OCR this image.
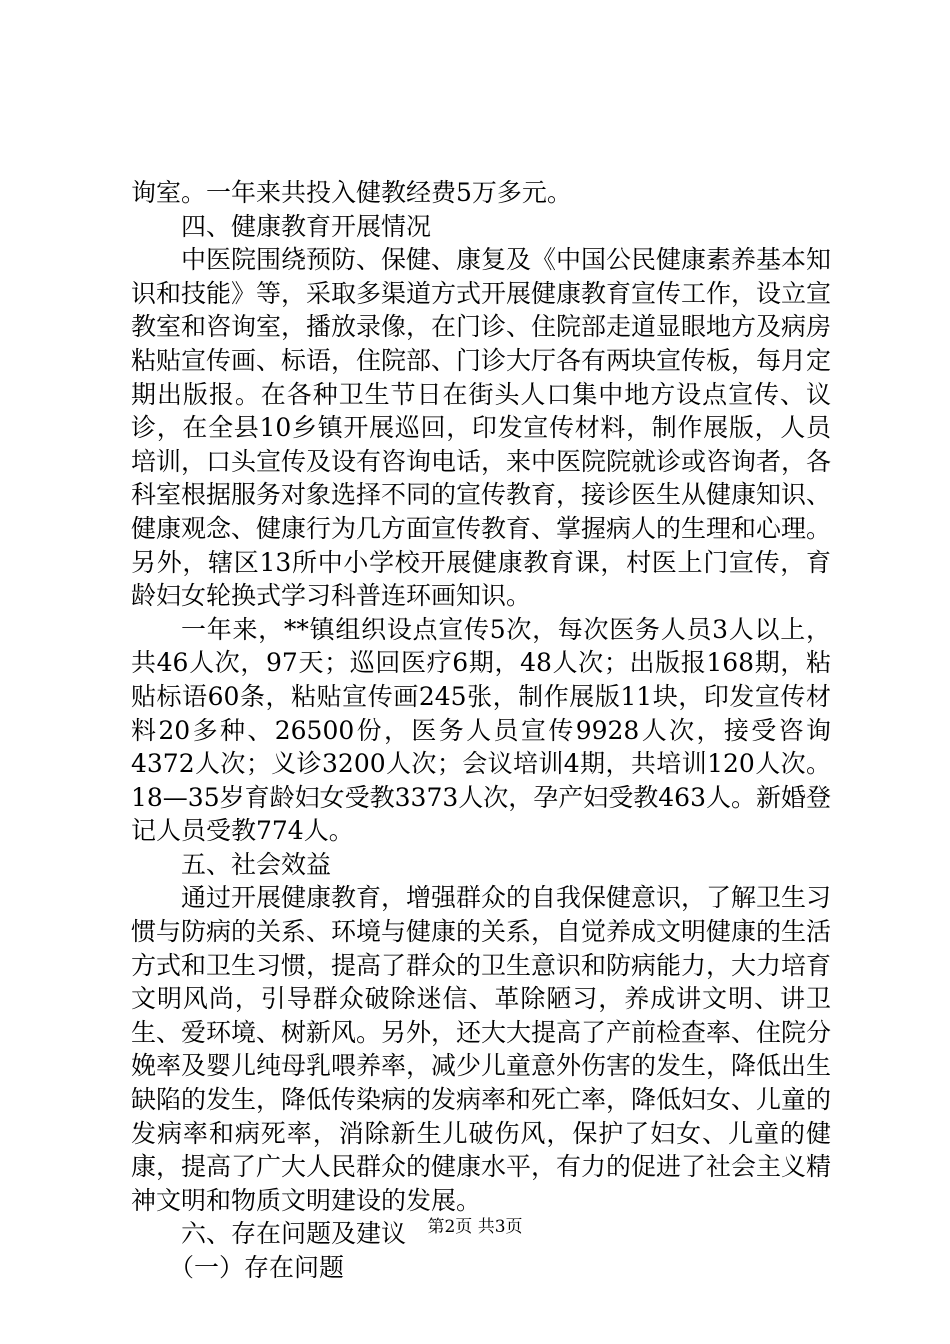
询室。一年来共投入健教经费5万多元。

四、健康教育开展情况

中医院围绕预防、保健、康复及《中国公民健康素养基本知识和技能》等，采取多渠道方式开展健康教育宣传工作，设立宣教室和咨询室，播放录像，在门诊、住院部走道显眼地方及病房粘贴宣传画、标语，住院部、门诊大厅各有两块宣传板，每月定期出版报。在各种卫生节日在街头人口集中地方设点宣传、议诊，在全县10乡镇开展巡回，印发宣传材料，制作展版，人员培训，口头宣传及设有咨询电话，来中医院院就诊或咨询者，各科室根据服务对象选择不同的宣传教育，接诊医生从健康知识、健康观念、健康行为几方面宣传教育、掌握病人的生理和心理。另外，辖区13所中小学校开展健康教育课，村医上门宣传，育龄妇女轮换式学习科普连环画知识。

一年来，**镇组织设点宣传5次，每次医务人员3人以上，共46人次，97天；巡回医疗6期，48人次；出版报168期，粘贴标语60条，粘贴宣传画245张，制作展版11块，印发宣传材料20多种、26500份，医务人员宣传9928人次，接受咨询4372人次；义诊3200人次；会议培训4期，共培训120人次。18—35岁育龄妇女受教3373人次，孕产妇受教463人。新婚登记人员受教774人。

五、社会效益

通过开展健康教育，增强群众的自我保健意识，了解卫生习惯与防病的关系、环境与健康的关系，自觉养成文明健康的生活方式和卫生习惯，提高了群众的卫生意识和防病能力，大力培育文明风尚，引导群众破除迷信、革除陋习，养成讲文明、讲卫生、爱环境、树新风。另外，还大大提高了产前检查率、住院分娩率及婴儿纯母乳喂养率，减少儿童意外伤害的发生，降低出生缺陷的发生，降低传染病的发病率和死亡率，降低妇女、儿童的发病率和病死率，消除新生儿破伤风，保护了妇女、儿童的健康，提高了广大人民群众的健康水平，有力的促进了社会主义精神文明和物质文明建设的发展。

六、存在问题及建议

（一）存在问题

第2页 共3页
